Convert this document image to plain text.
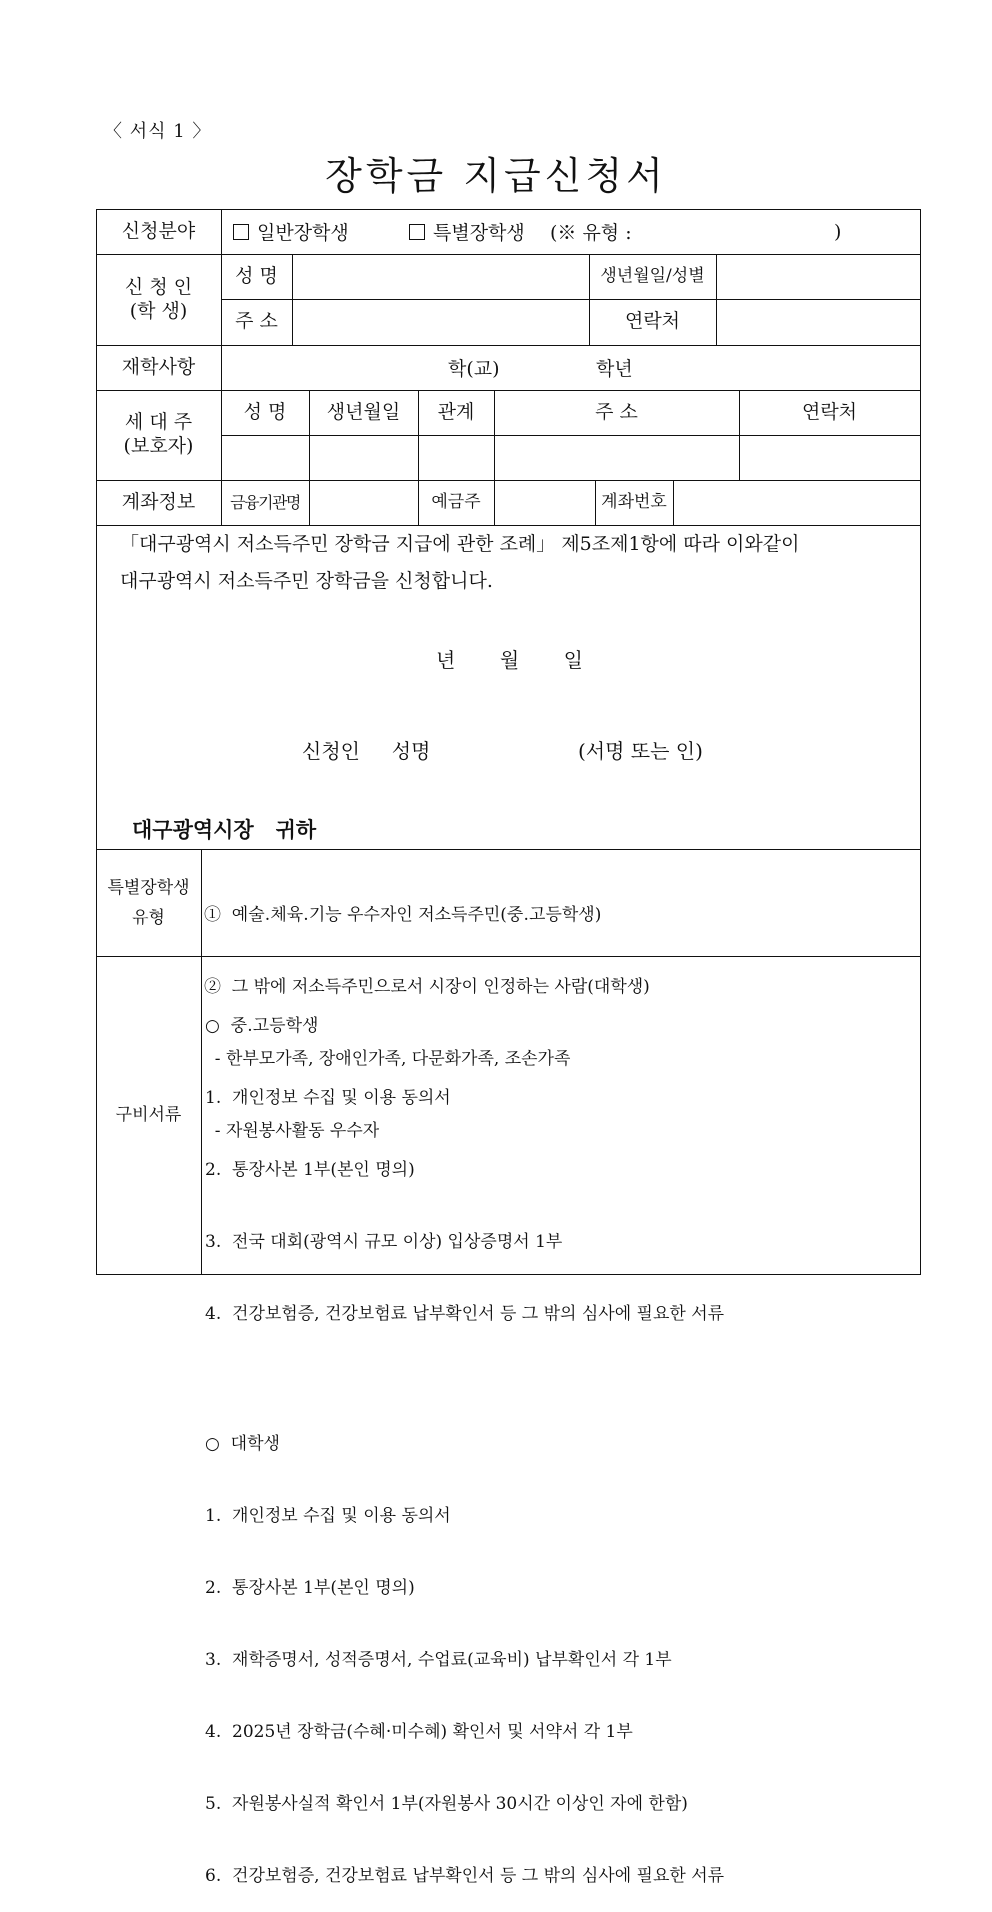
〈 서식 1 〉
장학금 지급신청서
신청분야	일반장학생	특별장학생 (※ 유형 :	)
신 청 인
(학 생)
성 명	생년월일/성별
주 소	연락처
재학사항	학(교)	학년
세 대 주
(보호자)
성 명	생년월일	관계	주 소	연락처
계좌정보	금융기관명	예금주	계좌번호
「대구광역시 저소득주민 장학금 지급에 관한 조례」 제5조제1항에 따라 이와같이
대구광역시 저소득주민 장학금을 신청합니다.
년       월       일
신청인     성명	(서명 또는 인)
대구광역시장   귀하
특별장학생
유형

①  예술․체육․기능 우수자인 저소득주민(중․고등학생)

②  그 밖에 저소득주민으로서 시장이 인정하는 사람(대학생)

- 한부모가족, 장애인가족, 다문화가족, 조손가족

- 자원봉사활동 우수자

구비서류

○  중․고등학생

1.  개인정보 수집 및 이용 동의서

2.  통장사본 1부(본인 명의)

3.  전국 대회(광역시 규모 이상) 입상증명서 1부

4.  건강보험증, 건강보험료 납부확인서 등 그 밖의 심사에 필요한 서류

○  대학생

1.  개인정보 수집 및 이용 동의서

2.  통장사본 1부(본인 명의)

3.  재학증명서, 성적증명서, 수업료(교육비) 납부확인서 각 1부

4.  2025년 장학금(수혜·미수혜) 확인서 및 서약서 각 1부

5.  자원봉사실적 확인서 1부(자원봉사 30시간 이상인 자에 한함)

6.  건강보험증, 건강보험료 납부확인서 등 그 밖의 심사에 필요한 서류
